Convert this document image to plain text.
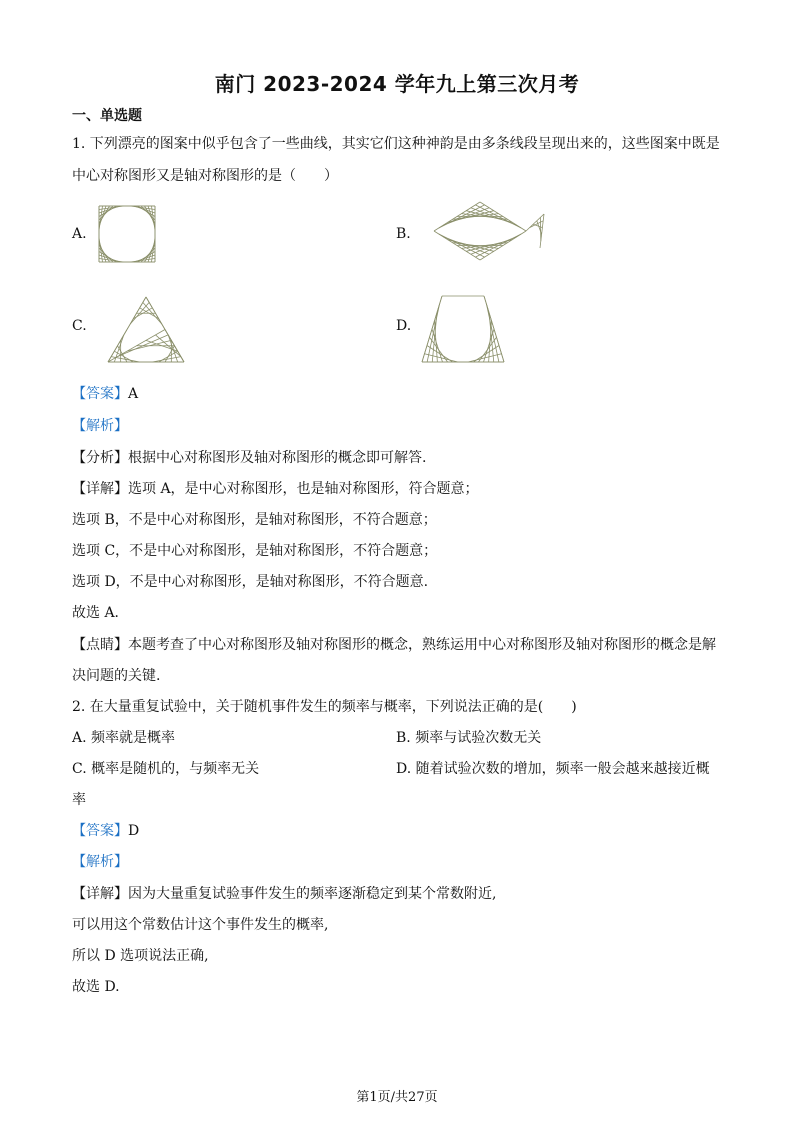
南门 2023-2024 学年九上第三次月考
一、单选题
1. 下列漂亮的图案中似乎包含了一些曲线，其实它们这种神韵是由多条线段呈现出来的，这些图案中既是
中心对称图形又是轴对称图形的是（　　）
A.	B.
C.	D.
【答案】A
【解析】
【分析】根据中心对称图形及轴对称图形的概念即可解答.
【详解】选项 A，是中心对称图形，也是轴对称图形，符合题意；
选项 B，不是中心对称图形，是轴对称图形，不符合题意；
选项 C，不是中心对称图形，是轴对称图形，不符合题意；
选项 D，不是中心对称图形，是轴对称图形，不符合题意.
故选 A．
【点睛】本题考查了中心对称图形及轴对称图形的概念，熟练运用中心对称图形及轴对称图形的概念是解
决问题的关键.
2. 在大量重复试验中，关于随机事件发生的频率与概率，下列说法正确的是(　　)
A. 频率就是概率	B. 频率与试验次数无关
C. 概率是随机的，与频率无关	D. 随着试验次数的增加，频率一般会越来越接近概
率
【答案】D
【解析】
【详解】因为大量重复试验事件发生的频率逐渐稳定到某个常数附近,
可以用这个常数估计这个事件发生的概率,
所以 D 选项说法正确,
故选 D.
第1页/共27页
